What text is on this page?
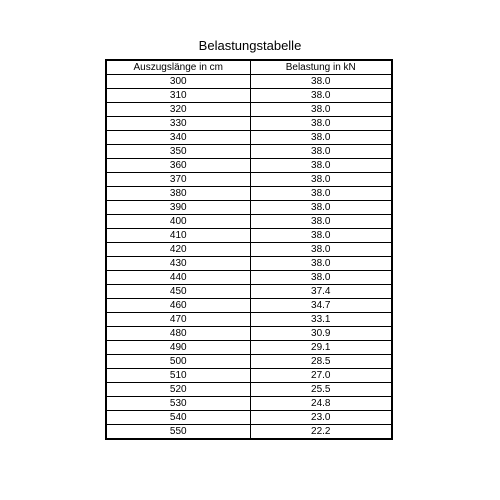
Belastungstabelle
Auszugslänge in cm	Belastung in kN
300	38.0
310	38.0
320	38.0
330	38.0
340	38.0
350	38.0
360	38.0
370	38.0
380	38.0
390	38.0
400	38.0
410	38.0
420	38.0
430	38.0
440	38.0
450	37.4
460	34.7
470	33.1
480	30.9
490	29.1
500	28.5
510	27.0
520	25.5
530	24.8
540	23.0
550	22.2
